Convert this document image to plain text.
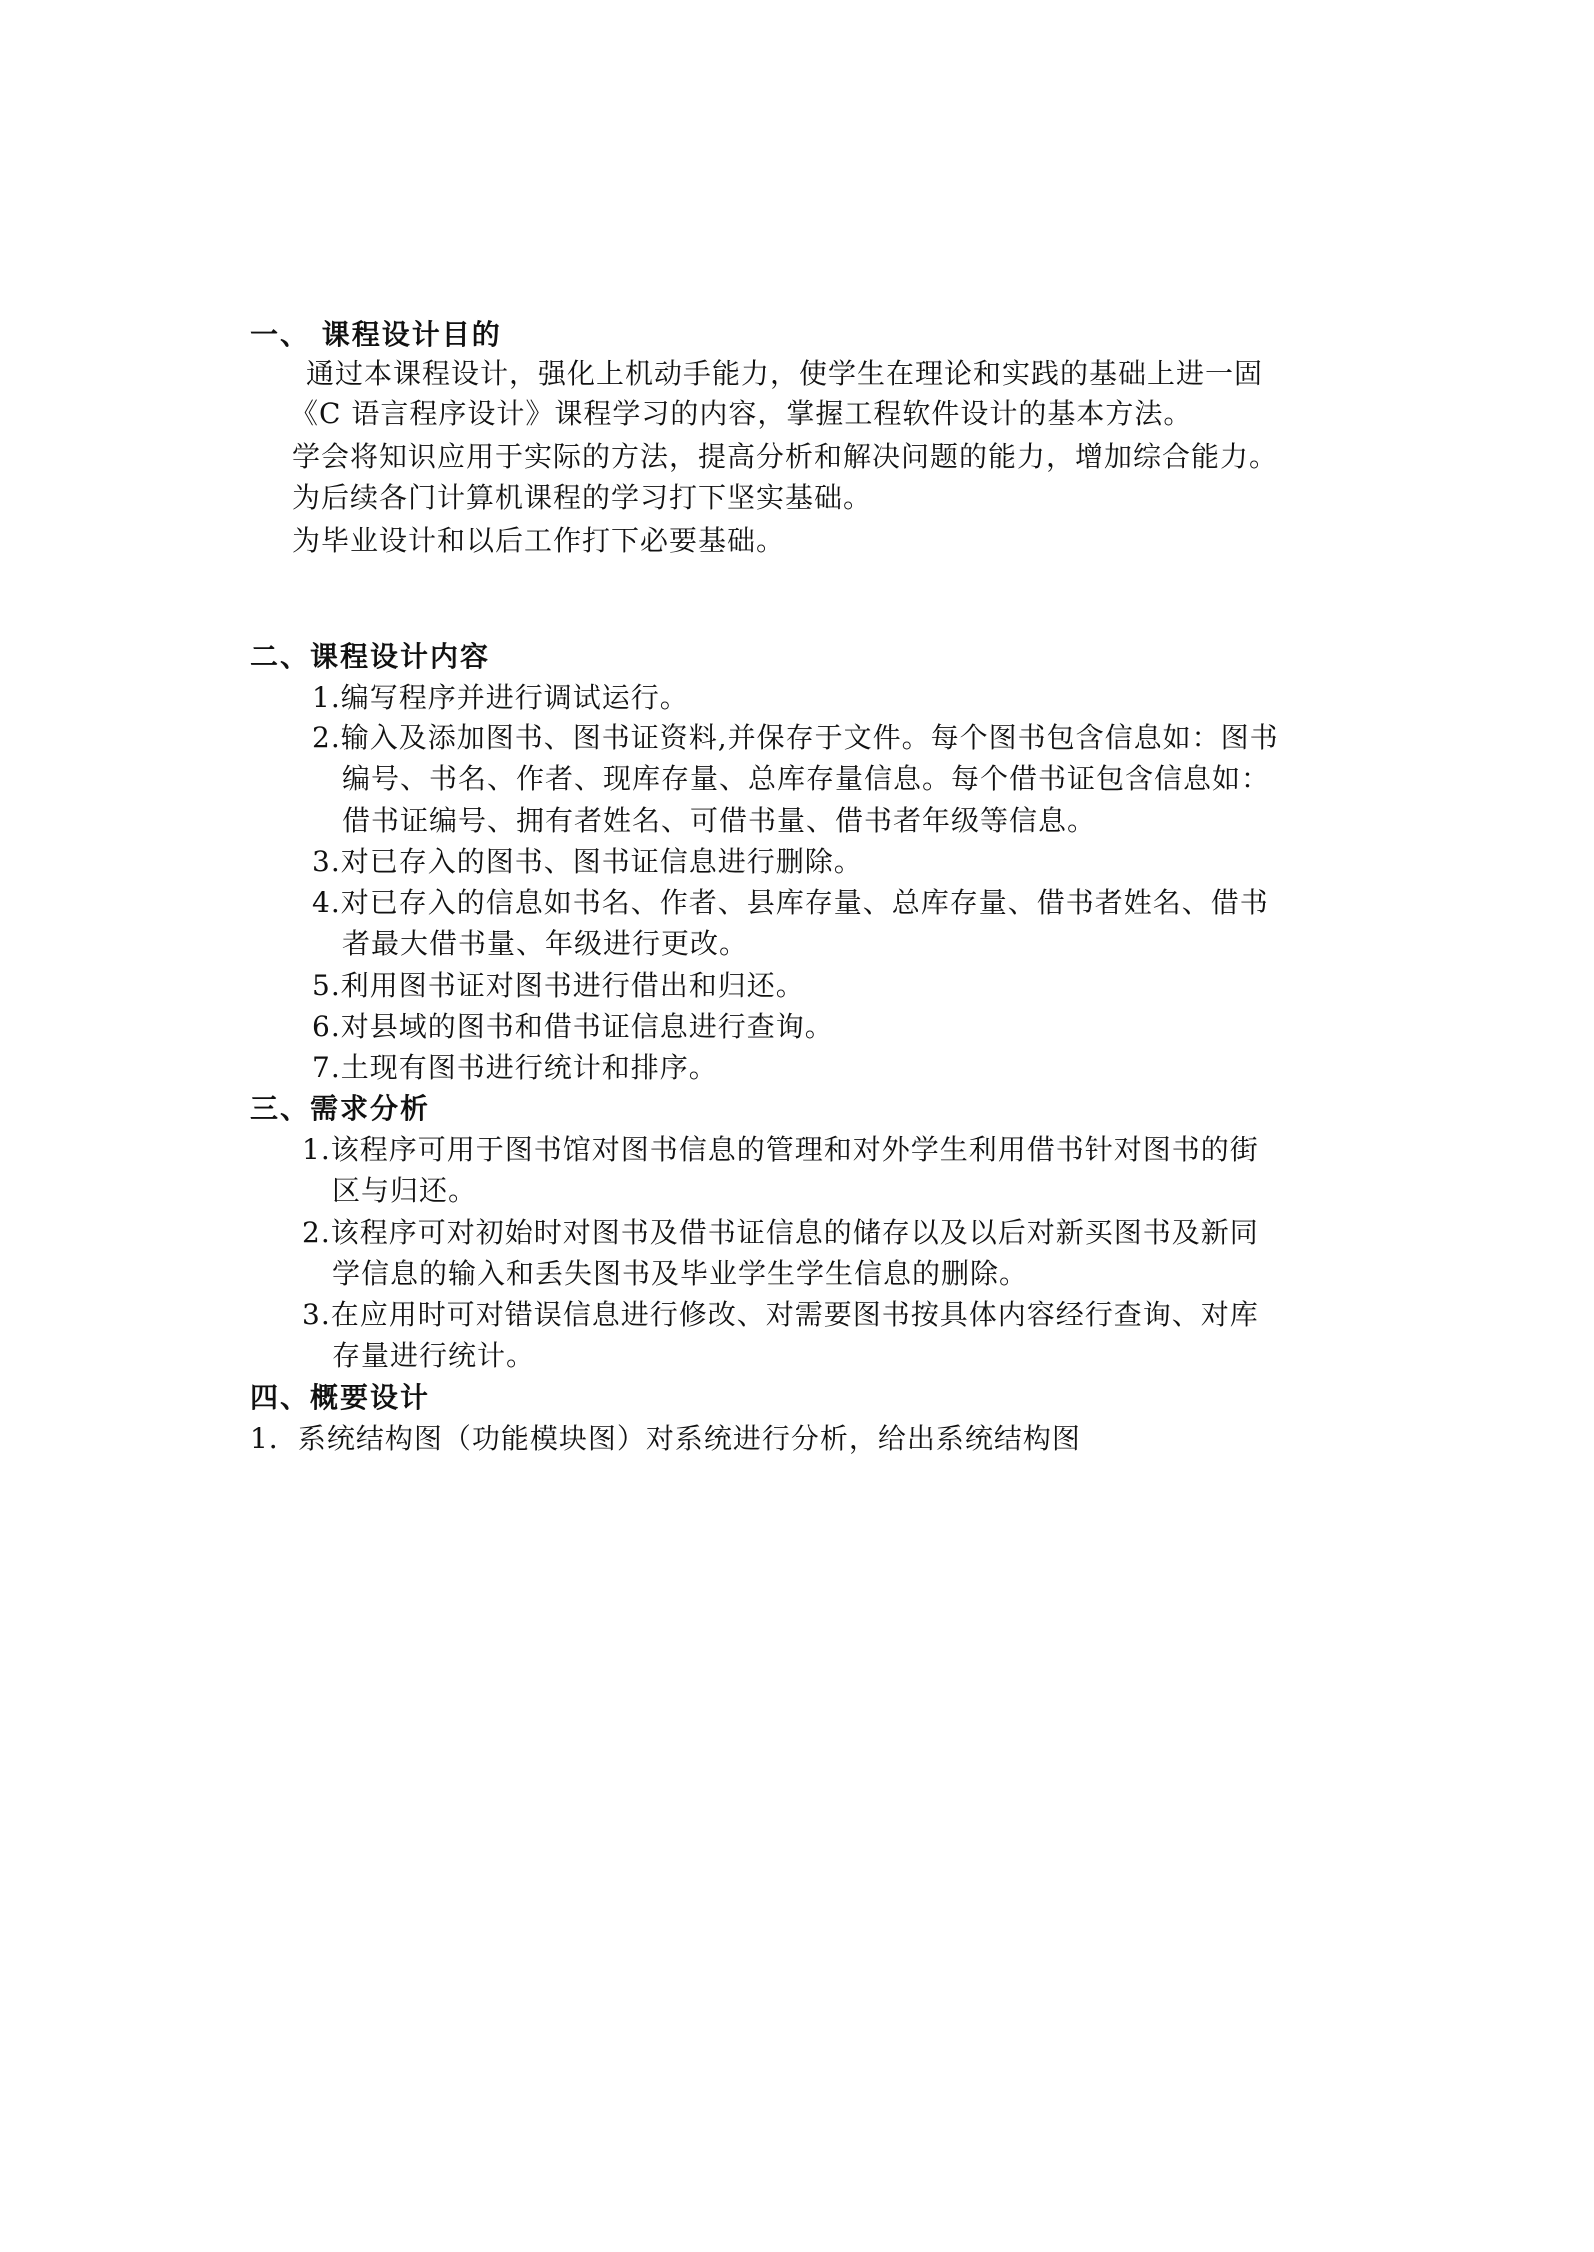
一、 课程设计目的
通过本课程设计，强化上机动手能力，使学生在理论和实践的基础上进一固
《C 语言程序设计》课程学习的内容，掌握工程软件设计的基本方法。
学会将知识应用于实际的方法，提高分析和解决问题的能力，增加综合能力。
为后续各门计算机课程的学习打下坚实基础。
为毕业设计和以后工作打下必要基础。
二、课程设计内容
1.编写程序并进行调试运行。
2.输入及添加图书、图书证资料,并保存于文件。每个图书包含信息如：图书
编号、书名、作者、现库存量、总库存量信息。每个借书证包含信息如：
借书证编号、拥有者姓名、可借书量、借书者年级等信息。
3.对已存入的图书、图书证信息进行删除。
4.对已存入的信息如书名、作者、县库存量、总库存量、借书者姓名、借书
者最大借书量、年级进行更改。
5.利用图书证对图书进行借出和归还。
6.对县域的图书和借书证信息进行查询。
7.土现有图书进行统计和排序。
三、需求分析
1.该程序可用于图书馆对图书信息的管理和对外学生利用借书针对图书的街
区与归还。
2.该程序可对初始时对图书及借书证信息的储存以及以后对新买图书及新同
学信息的输入和丢失图书及毕业学生学生信息的删除。
3.在应用时可对错误信息进行修改、对需要图书按具体内容经行查询、对库
存量进行统计。
四、概要设计
1．系统结构图（功能模块图）对系统进行分析，给出系统结构图
